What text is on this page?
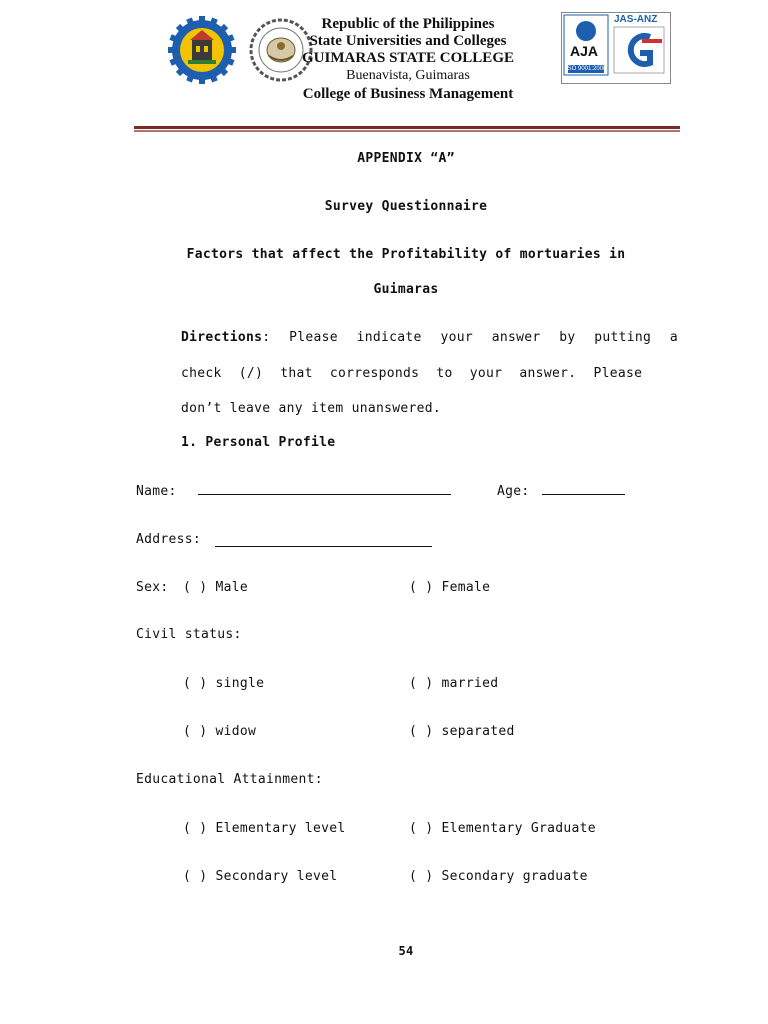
Republic of the Philippines
State Universities and Colleges
GUIMARAS STATE COLLEGE
Buenavista, Guimaras
College of Business Management
JAS-ANZ
AJA
ISO 9001:2008
APPENDIX “A”
Survey Questionnaire
Factors that affect the Profitability of mortuaries in
Guimaras
Directions: Please indicate your answer by putting a
check (/) that corresponds to your answer. Please
don’t leave any item unanswered.
1. Personal Profile
Name:	Age:
Address:
Sex: ( ) Male	( ) Female
Civil status:
( ) single	( ) married
( ) widow	( ) separated
Educational Attainment:
( ) Elementary level	( ) Elementary Graduate
( ) Secondary level	( ) Secondary graduate
54
